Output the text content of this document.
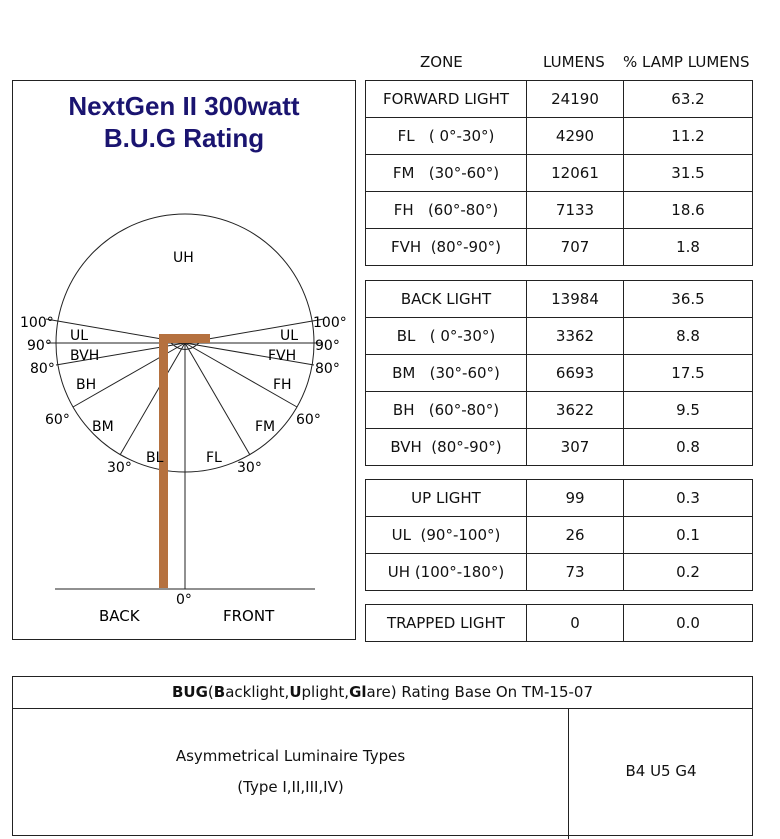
ZONE	LUMENS % LAMP LUMENS
NextGen II 300watt
B.U.G Rating
UH
UL	UL
BVH	FVH
BH	FH
BM	FM
BL	FL
100°
90°
80°
60°
30°
100°
90°
80°
60°
30°
0°
BACK	FRONT
FORWARD LIGHT	24190	63.2
FL   ( 0°-30°)	4290	11.2
FM   (30°-60°)	12061	31.5
FH   (60°-80°)	7133	18.6
FVH  (80°-90°)	707	1.8
BACK LIGHT	13984	36.5
BL   ( 0°-30°)	3362	8.8
BM   (30°-60°)	6693	17.5
BH   (60°-80°)	3622	9.5
BVH  (80°-90°)	307	0.8
UP LIGHT	99	0.3
UL  (90°-100°)	26	0.1
UH (100°-180°)	73	0.2
TRAPPED LIGHT	0	0.0
BUG(Backlight,Uplight,Glare) Rating Base On TM-15-07
Asymmetrical Luminaire Types
(Type I,II,III,IV)
B4 U5 G4
